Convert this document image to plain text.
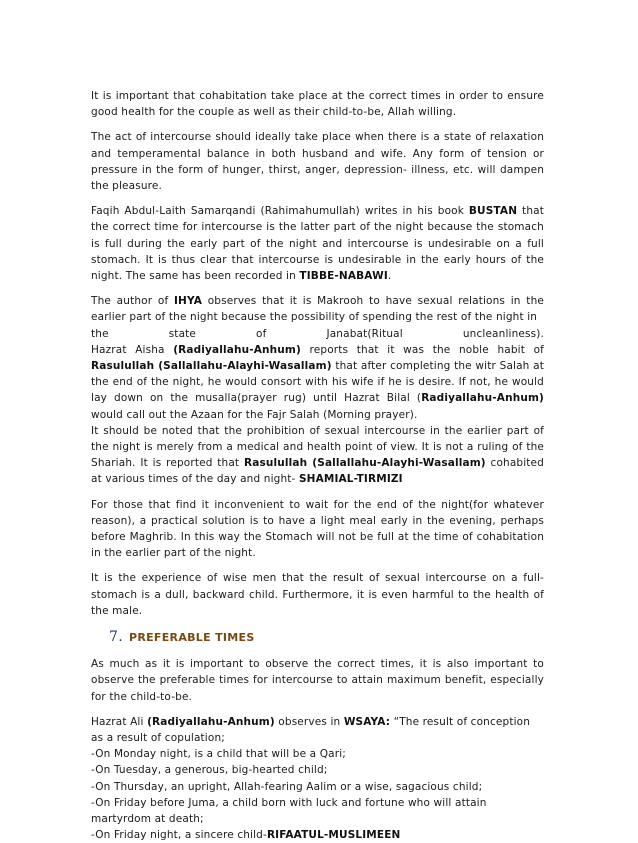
It is important that cohabitation take place at the correct times in order to ensure good health for the couple as well as their child-to-be, Allah willing.

The act of intercourse should ideally take place when there is a state of relaxation and temperamental balance in both husband and wife. Any form of tension or pressure in the form of hunger, thirst, anger, depression- illness, etc. will dampen the pleasure.

Faqih Abdul-Laith Samarqandi (Rahimahumullah) writes in his book BUSTAN that the correct time for intercourse is the latter part of the night because the stomach is full during the early part of the night and intercourse is undesirable on a full stomach. It is thus clear that intercourse is undesirable in the early hours of the night. The same has been recorded in TIBBE-NABAWI.

The author of IHYA observes that it is Makrooh to have sexual relations in the earlier part of the night because the possibility of spending the rest of the night in

the	state	of	Janabat(Ritual	uncleanliness).

Hazrat Aisha (Radiyallahu-Anhum) reports that it was the noble habit of Rasulullah (Sallallahu-Alayhi-Wasallam) that after completing the witr Salah at the end of the night, he would consort with his wife if he is desire. If not, he would lay down on the musalla(prayer rug) until Hazrat Bilal (Radiyallahu-Anhum) would call out the Azaan for the Fajr Salah (Morning prayer).

It should be noted that the prohibition of sexual intercourse in the earlier part of the night is merely from a medical and health point of view. It is not a ruling of the Shariah. It is reported that Rasulullah (Sallallahu-Alayhi-Wasallam) cohabited at various times of the day and night- SHAMIAL-TIRMIZI

For those that find it inconvenient to wait for the end of the night(for whatever reason), a practical solution is to have a light meal early in the evening, perhaps before Maghrib. In this way the Stomach will not be full at the time of cohabitation in the earlier part of the night.

It is the experience of wise men that the result of sexual intercourse on a full-stomach is a dull, backward child. Furthermore, it is even harmful to the health of the male.

7. PREFERABLE TIMES

As much as it is important to observe the correct times, it is also important to observe the preferable times for intercourse to attain maximum benefit, especially for the child-to-be.

Hazrat Ali (Radiyallahu-Anhum) observes in WSAYA: “The result of conception as a result of copulation;

-On Monday night, is a child that will be a Qari;

-On Tuesday, a generous, big-hearted child;

-On Thursday, an upright, Allah-fearing Aalim or a wise, sagacious child;

-On Friday before Juma, a child born with luck and fortune who will attain martyrdom at death;

-On Friday night, a sincere child-RIFAATUL-MUSLIMEEN
